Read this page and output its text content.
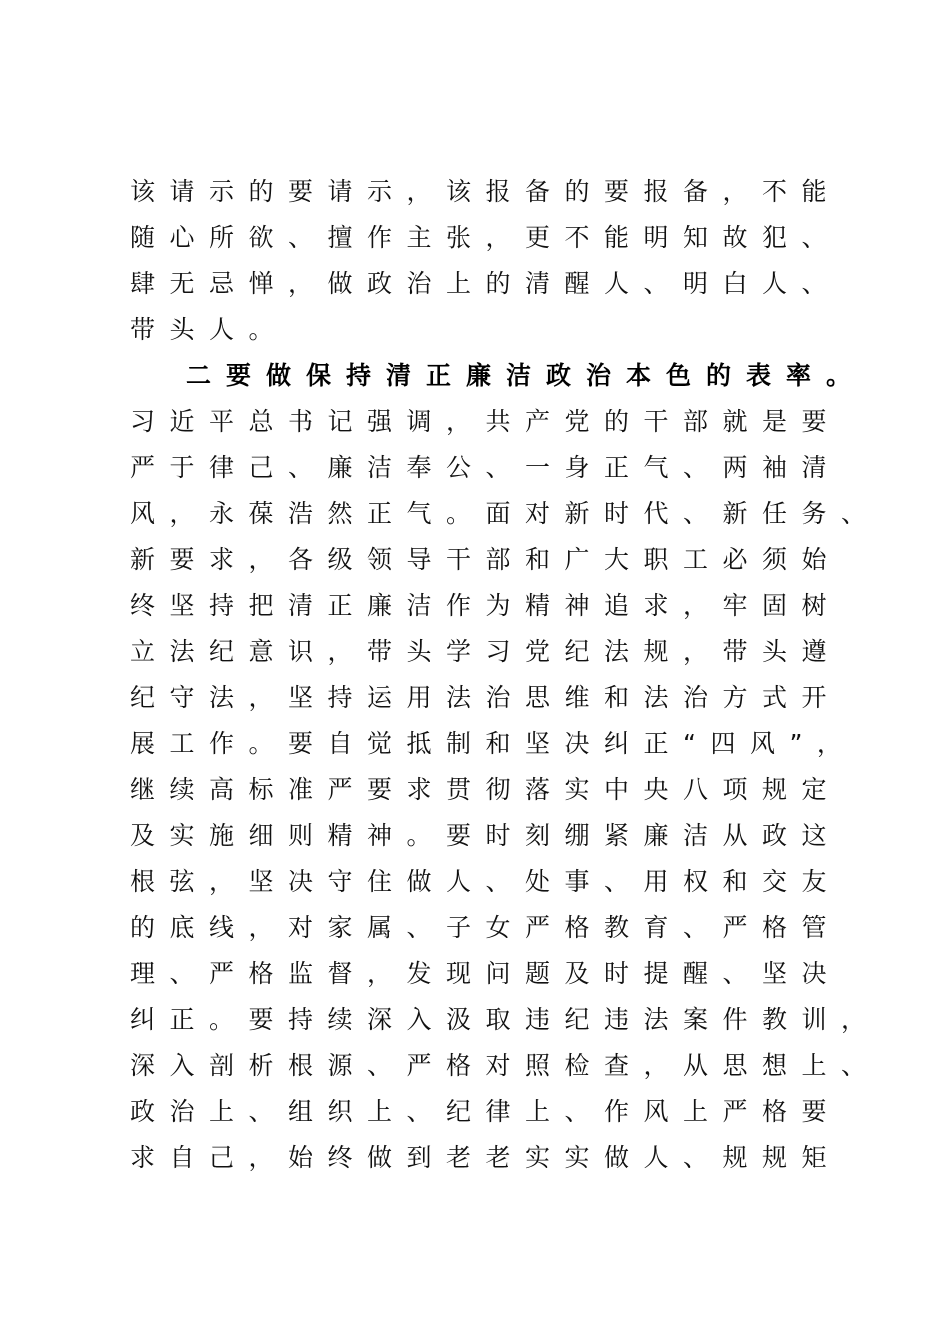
该请示的要请示，该报备的要报备，不能
随心所欲、擅作主张，更不能明知故犯、
肆无忌惮，做政治上的清醒人、明白人、
带头人。
二要做保持清正廉洁政治本色的表率。
习近平总书记强调，共产党的干部就是要
严于律己、廉洁奉公、一身正气、两袖清
风，永葆浩然正气。面对新时代、新任务、
新要求，各级领导干部和广大职工必须始
终坚持把清正廉洁作为精神追求，牢固树
立法纪意识，带头学习党纪法规，带头遵
纪守法，坚持运用法治思维和法治方式开
展工作。要自觉抵制和坚决纠正“四风”，
继续高标准严要求贯彻落实中央八项规定
及实施细则精神。要时刻绷紧廉洁从政这
根弦，坚决守住做人、处事、用权和交友
的底线，对家属、子女严格教育、严格管
理、严格监督，发现问题及时提醒、坚决
纠正。要持续深入汲取违纪违法案件教训，
深入剖析根源、严格对照检查，从思想上、
政治上、组织上、纪律上、作风上严格要
求自己，始终做到老老实实做人、规规矩
